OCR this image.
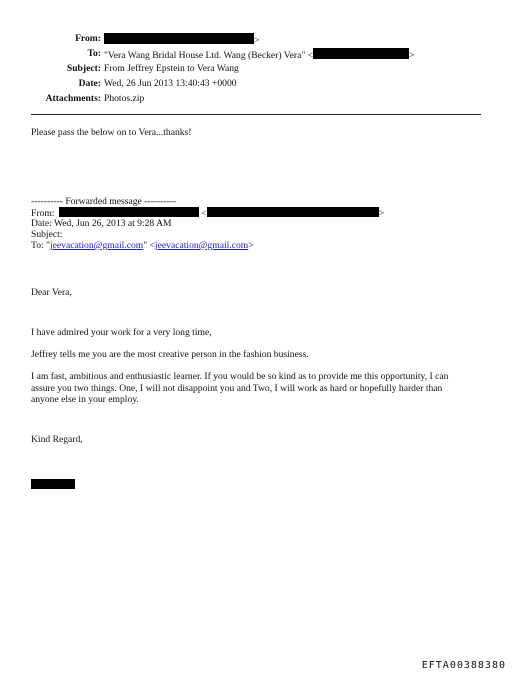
From:	>
To: "Vera Wang Bridal House Ltd. Wang (Becker) Vera" <	>
Subject: From Jeffrey Epstein to Vera Wang
Date: Wed, 26 Jun 2013 13:40:43 +0000
Attachments: Photos.zip
Please pass the below on to Vera...thanks!
---------- Forwarded message ----------
From:	<	>
Date: Wed, Jun 26, 2013 at 9:28 AM
Subject:
To: "jeevacation@gmail.com" <jeevacation@gmail.com>
Dear Vera,
I have admired your work for a very long time,
Jeffrey tells me you are the most creative person in the fashion business.
I am fast, ambitious and enthusiastic learner. If you would be so kind as to provide me this opportunity, I can
assure you two things. One, I will not disappoint you and Two, I will work as hard or hopefully harder than
anyone else in your employ.
Kind Regard,
EFTA00388380
